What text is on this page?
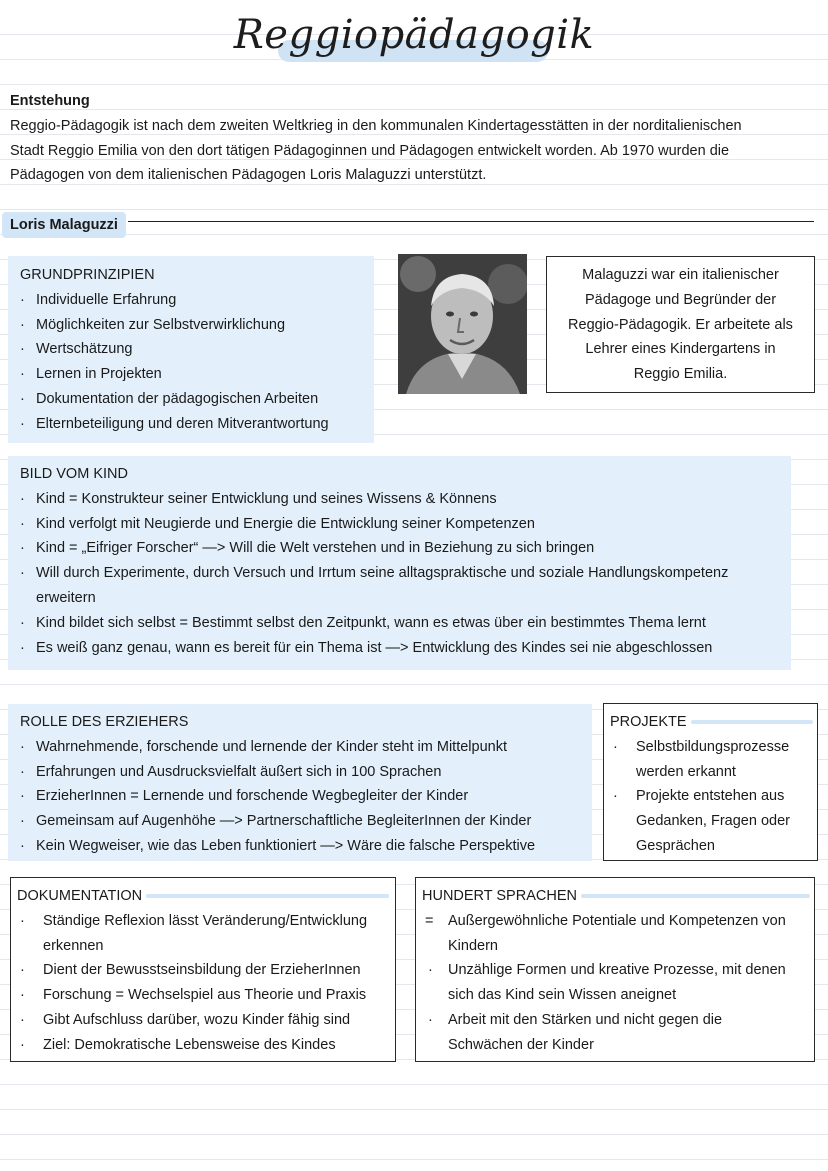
Reggiopädagogik
Entstehung
Reggio-Pädagogik ist nach dem zweiten Weltkrieg in den kommunalen Kindertagesstätten in der norditalienischen
Stadt Reggio Emilia von den dort tätigen Pädagoginnen und Pädagogen entwickelt worden. Ab 1970 wurden die
Pädagogen von dem italienischen Pädagogen Loris Malaguzzi unterstützt.
Loris Malaguzzi
GRUNDPRINZIPIEN
· Individuelle Erfahrung
· Möglichkeiten zur Selbstverwirklichung
· Wertschätzung
· Lernen in Projekten
· Dokumentation der pädagogischen Arbeiten
· Elternbeteiligung und deren Mitverantwortung
Malaguzzi war ein italienischer
Pädagoge und Begründer der
Reggio-Pädagogik. Er arbeitete als
Lehrer eines Kindergartens in
Reggio Emilia.
BILD VOM KIND
· Kind = Konstrukteur seiner Entwicklung und seines Wissens & Könnens
· Kind verfolgt mit Neugierde und Energie die Entwicklung seiner Kompetenzen
· Kind = „Eifriger Forscher“ —> Will die Welt verstehen und in Beziehung zu sich bringen
· Will durch Experimente, durch Versuch und Irrtum seine alltagspraktische und soziale Handlungskompetenz
erweitern
· Kind bildet sich selbst = Bestimmt selbst den Zeitpunkt, wann es etwas über ein bestimmtes Thema lernt
· Es weiß ganz genau, wann es bereit für ein Thema ist —> Entwicklung des Kindes sei nie abgeschlossen
ROLLE DES ERZIEHERS
· Wahrnehmende, forschende und lernende der Kinder steht im Mittelpunkt
· Erfahrungen und Ausdrucksvielfalt äußert sich in 100 Sprachen
· ErzieherInnen = Lernende und forschende Wegbegleiter der Kinder
· Gemeinsam auf Augenhöhe —> Partnerschaftliche BegleiterInnen der Kinder
· Kein Wegweiser, wie das Leben funktioniert —> Wäre die falsche Perspektive
PROJEKTE
·	Selbstbildungsprozesse
werden erkannt
·	Projekte entstehen aus
Gedanken, Fragen oder
Gesprächen
DOKUMENTATION
·	Ständige Reflexion lässt Veränderung/Entwicklung
erkennen
·	Dient der Bewusstseinsbildung der ErzieherInnen
·	Forschung = Wechselspiel aus Theorie und Praxis
·	Gibt Aufschluss darüber, wozu Kinder fähig sind
·	Ziel: Demokratische Lebensweise des Kindes
HUNDERT SPRACHEN
=	Außergewöhnliche Potentiale und Kompetenzen von
Kindern
·	Unzählige Formen und kreative Prozesse, mit denen
sich das Kind sein Wissen aneignet
·	Arbeit mit den Stärken und nicht gegen die
Schwächen der Kinder
